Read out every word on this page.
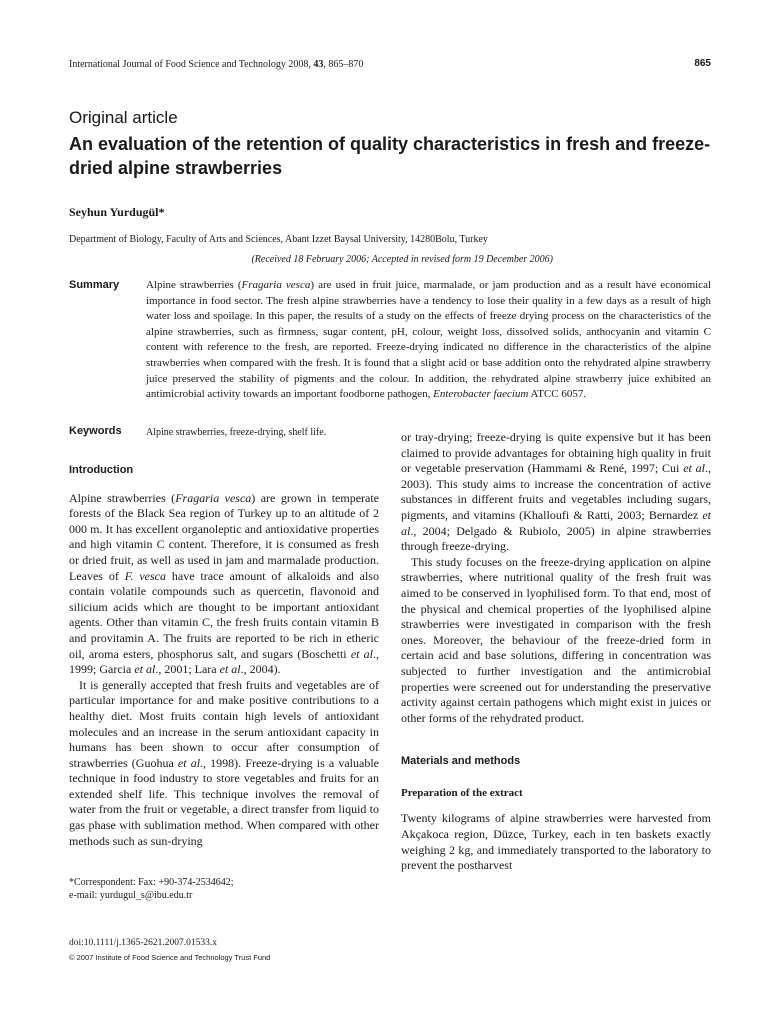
International Journal of Food Science and Technology 2008, 43, 865–870	865
Original article
An evaluation of the retention of quality characteristics in fresh and freeze-dried alpine strawberries
Seyhun Yurdugül*
Department of Biology, Faculty of Arts and Sciences, Abant Izzet Baysal University, 14280Bolu, Turkey
(Received 18 February 2006; Accepted in revised form 19 December 2006)
Summary Alpine strawberries (Fragaria vesca) are used in fruit juice, marmalade, or jam production and as a result have economical importance in food sector. The fresh alpine strawberries have a tendency to lose their quality in a few days as a result of high water loss and spoilage. In this paper, the results of a study on the effects of freeze drying process on the characteristics of the alpine strawberries, such as firmness, sugar content, pH, colour, weight loss, dissolved solids, anthocyanin and vitamin C content with reference to the fresh, are reported. Freeze-drying indicated no difference in the characteristics of the alpine strawberries when compared with the fresh. It is found that a slight acid or base addition onto the rehydrated alpine strawberry juice preserved the stability of pigments and the colour. In addition, the rehydrated alpine strawberry juice exhibited an antimicrobial activity towards an important foodborne pathogen, Enterobacter faecium ATCC 6057.
Keywords Alpine strawberries, freeze-drying, shelf life.
Introduction

Alpine strawberries (Fragaria vesca) are grown in temperate forests of the Black Sea region of Turkey up to an altitude of 2 000 m. It has excellent organoleptic and antioxidative properties and high vitamin C content. Therefore, it is consumed as fresh or dried fruit, as well as used in jam and marmalade production. Leaves of F. vesca have trace amount of alkaloids and also contain volatile compounds such as quercetin, flavonoid and silicium acids which are thought to be important antioxidant agents. Other than vitamin C, the fresh fruits contain vitamin B and provitamin A. The fruits are reported to be rich in etheric oil, aroma esters, phosphorus salt, and sugars (Boschetti et al., 1999; Garcia et al., 2001; Lara et al., 2004).

It is generally accepted that fresh fruits and vegetables are of particular importance for and make positive contributions to a healthy diet. Most fruits contain high levels of antioxidant molecules and an increase in the serum antioxidant capacity in humans has been shown to occur after consumption of strawberries (Guohua et al., 1998). Freeze-drying is a valuable technique in food industry to store vegetables and fruits for an extended shelf life. This technique involves the removal of water from the fruit or vegetable, a direct transfer from liquid to gas phase with sublimation method. When compared with other methods such as sun-drying

or tray-drying; freeze-drying is quite expensive but it has been claimed to provide advantages for obtaining high quality in fruit or vegetable preservation (Hammami & René, 1997; Cui et al., 2003). This study aims to increase the concentration of active substances in different fruits and vegetables including sugars, pigments, and vitamins (Khalloufi & Ratti, 2003; Bernardez et al., 2004; Delgado & Rubiolo, 2005) in alpine strawberries through freeze-drying.

This study focuses on the freeze-drying application on alpine strawberries, where nutritional quality of the fresh fruit was aimed to be conserved in lyophilised form. To that end, most of the physical and chemical properties of the lyophilised alpine strawberries were investigated in comparison with the fresh ones. Moreover, the behaviour of the freeze-dried form in certain acid and base solutions, differing in concentration was subjected to further investigation and the antimicrobial properties were screened out for understanding the preservative activity against certain pathogens which might exist in juices or other forms of the rehydrated product.

Materials and methods
Preparation of the extract

Twenty kilograms of alpine strawberries were harvested from Akçakoca region, Düzce, Turkey, each in ten baskets exactly weighing 2 kg, and immediately transported to the laboratory to prevent the postharvest

*Correspondent: Fax: +90-374-2534642;
e-mail: yurdugul_s@ibu.edu.tr
doi:10.1111/j.1365-2621.2007.01533.x
© 2007 Institute of Food Science and Technology Trust Fund
